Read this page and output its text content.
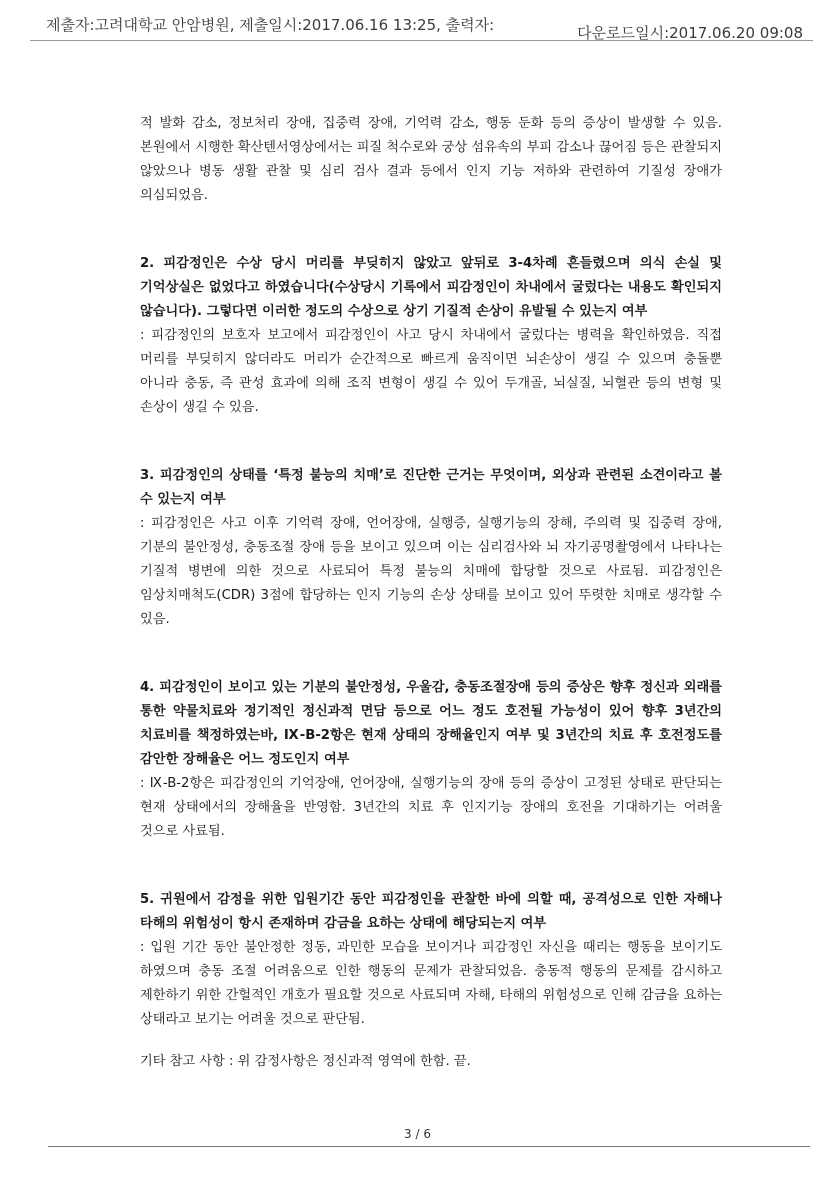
제출자:고려대학교 안암병원, 제출일시:2017.06.16 13:25, 출력자:	다운로드일시:2017.06.20 09:08

적 발화 감소, 정보처리 장애, 집중력 장애, 기억력 감소, 행동 둔화 등의 증상이 발생할 수 있음. 본원에서 시행한 확산텐서영상에서는 피질 척수로와 궁상 섬유속의 부피 감소나 끊어짐 등은 관찰되지 않았으나 병동 생활 관찰 및 심리 검사 결과 등에서 인지 기능 저하와 관련하여 기질성 장애가 의심되었음.

2. 피감정인은 수상 당시 머리를 부딪히지 않았고 앞뒤로 3-4차례 흔들렸으며 의식 손실 및 기억상실은 없었다고 하였습니다(수상당시 기록에서 피감정인이 차내에서 굴렀다는 내용도 확인되지 않습니다). 그렇다면 이러한 정도의 수상으로 상기 기질적 손상이 유발될 수 있는지 여부

: 피감정인의 보호자 보고에서 피감정인이 사고 당시 차내에서 굴렀다는 병력을 확인하였음. 직접 머리를 부딪히지 않더라도 머리가 순간적으로 빠르게 움직이면 뇌손상이 생길 수 있으며 충돌뿐 아니라 충동, 즉 관성 효과에 의해 조직 변형이 생길 수 있어 두개골, 뇌실질, 뇌혈관 등의 변형 및 손상이 생길 수 있음.

3. 피감정인의 상태를 ‘특정 불능의 치매’로 진단한 근거는 무엇이며, 외상과 관련된 소견이라고 볼 수 있는지 여부

: 피감정인은 사고 이후 기억력 장애, 언어장애, 실행증, 실행기능의 장해, 주의력 및 집중력 장애, 기분의 불안정성, 충동조절 장애 등을 보이고 있으며 이는 심리검사와 뇌 자기공명촬영에서 나타나는 기질적 병변에 의한 것으로 사료되어 특정 불능의 치매에 합당할 것으로 사료됨. 피감정인은 임상치매척도(CDR) 3점에 합당하는 인지 기능의 손상 상태를 보이고 있어 뚜렷한 치매로 생각할 수 있음.

4. 피감정인이 보이고 있는 기분의 불안정성, 우울감, 충동조절장애 등의 증상은 향후 정신과 외래를 통한 약물치료와 정기적인 정신과적 면담 등으로 어느 정도 호전될 가능성이 있어 향후 3년간의 치료비를 책정하였는바, Ⅸ-B-2항은 현재 상태의 장해율인지 여부 및 3년간의 치료 후 호전정도를 감안한 장해율은 어느 정도인지 여부

: Ⅸ-B-2항은 피감정인의 기억장애, 언어장애, 실행기능의 장애 등의 증상이 고정된 상태로 판단되는 현재 상태에서의 장해율을 반영함. 3년간의 치료 후 인지기능 장애의 호전을 기대하기는 어려울 것으로 사료됨.

5. 귀원에서 감정을 위한 입원기간 동안 피감정인을 관찰한 바에 의할 때, 공격성으로 인한 자해나 타해의 위험성이 항시 존재하며 감금을 요하는 상태에 해당되는지 여부

: 입원 기간 동안 불안정한 정동, 과민한 모습을 보이거나 피감정인 자신을 때리는 행동을 보이기도 하였으며 충동 조절 어려움으로 인한 행동의 문제가 관찰되었음. 충동적 행동의 문제를 감시하고 제한하기 위한 간헐적인 개호가 필요할 것으로 사료되며 자해, 타해의 위험성으로 인해 감금을 요하는 상태라고 보기는 어려울 것으로 판단됨.

기타 참고 사항 : 위 감정사항은 정신과적 영역에 한함. 끝.

3 / 6
